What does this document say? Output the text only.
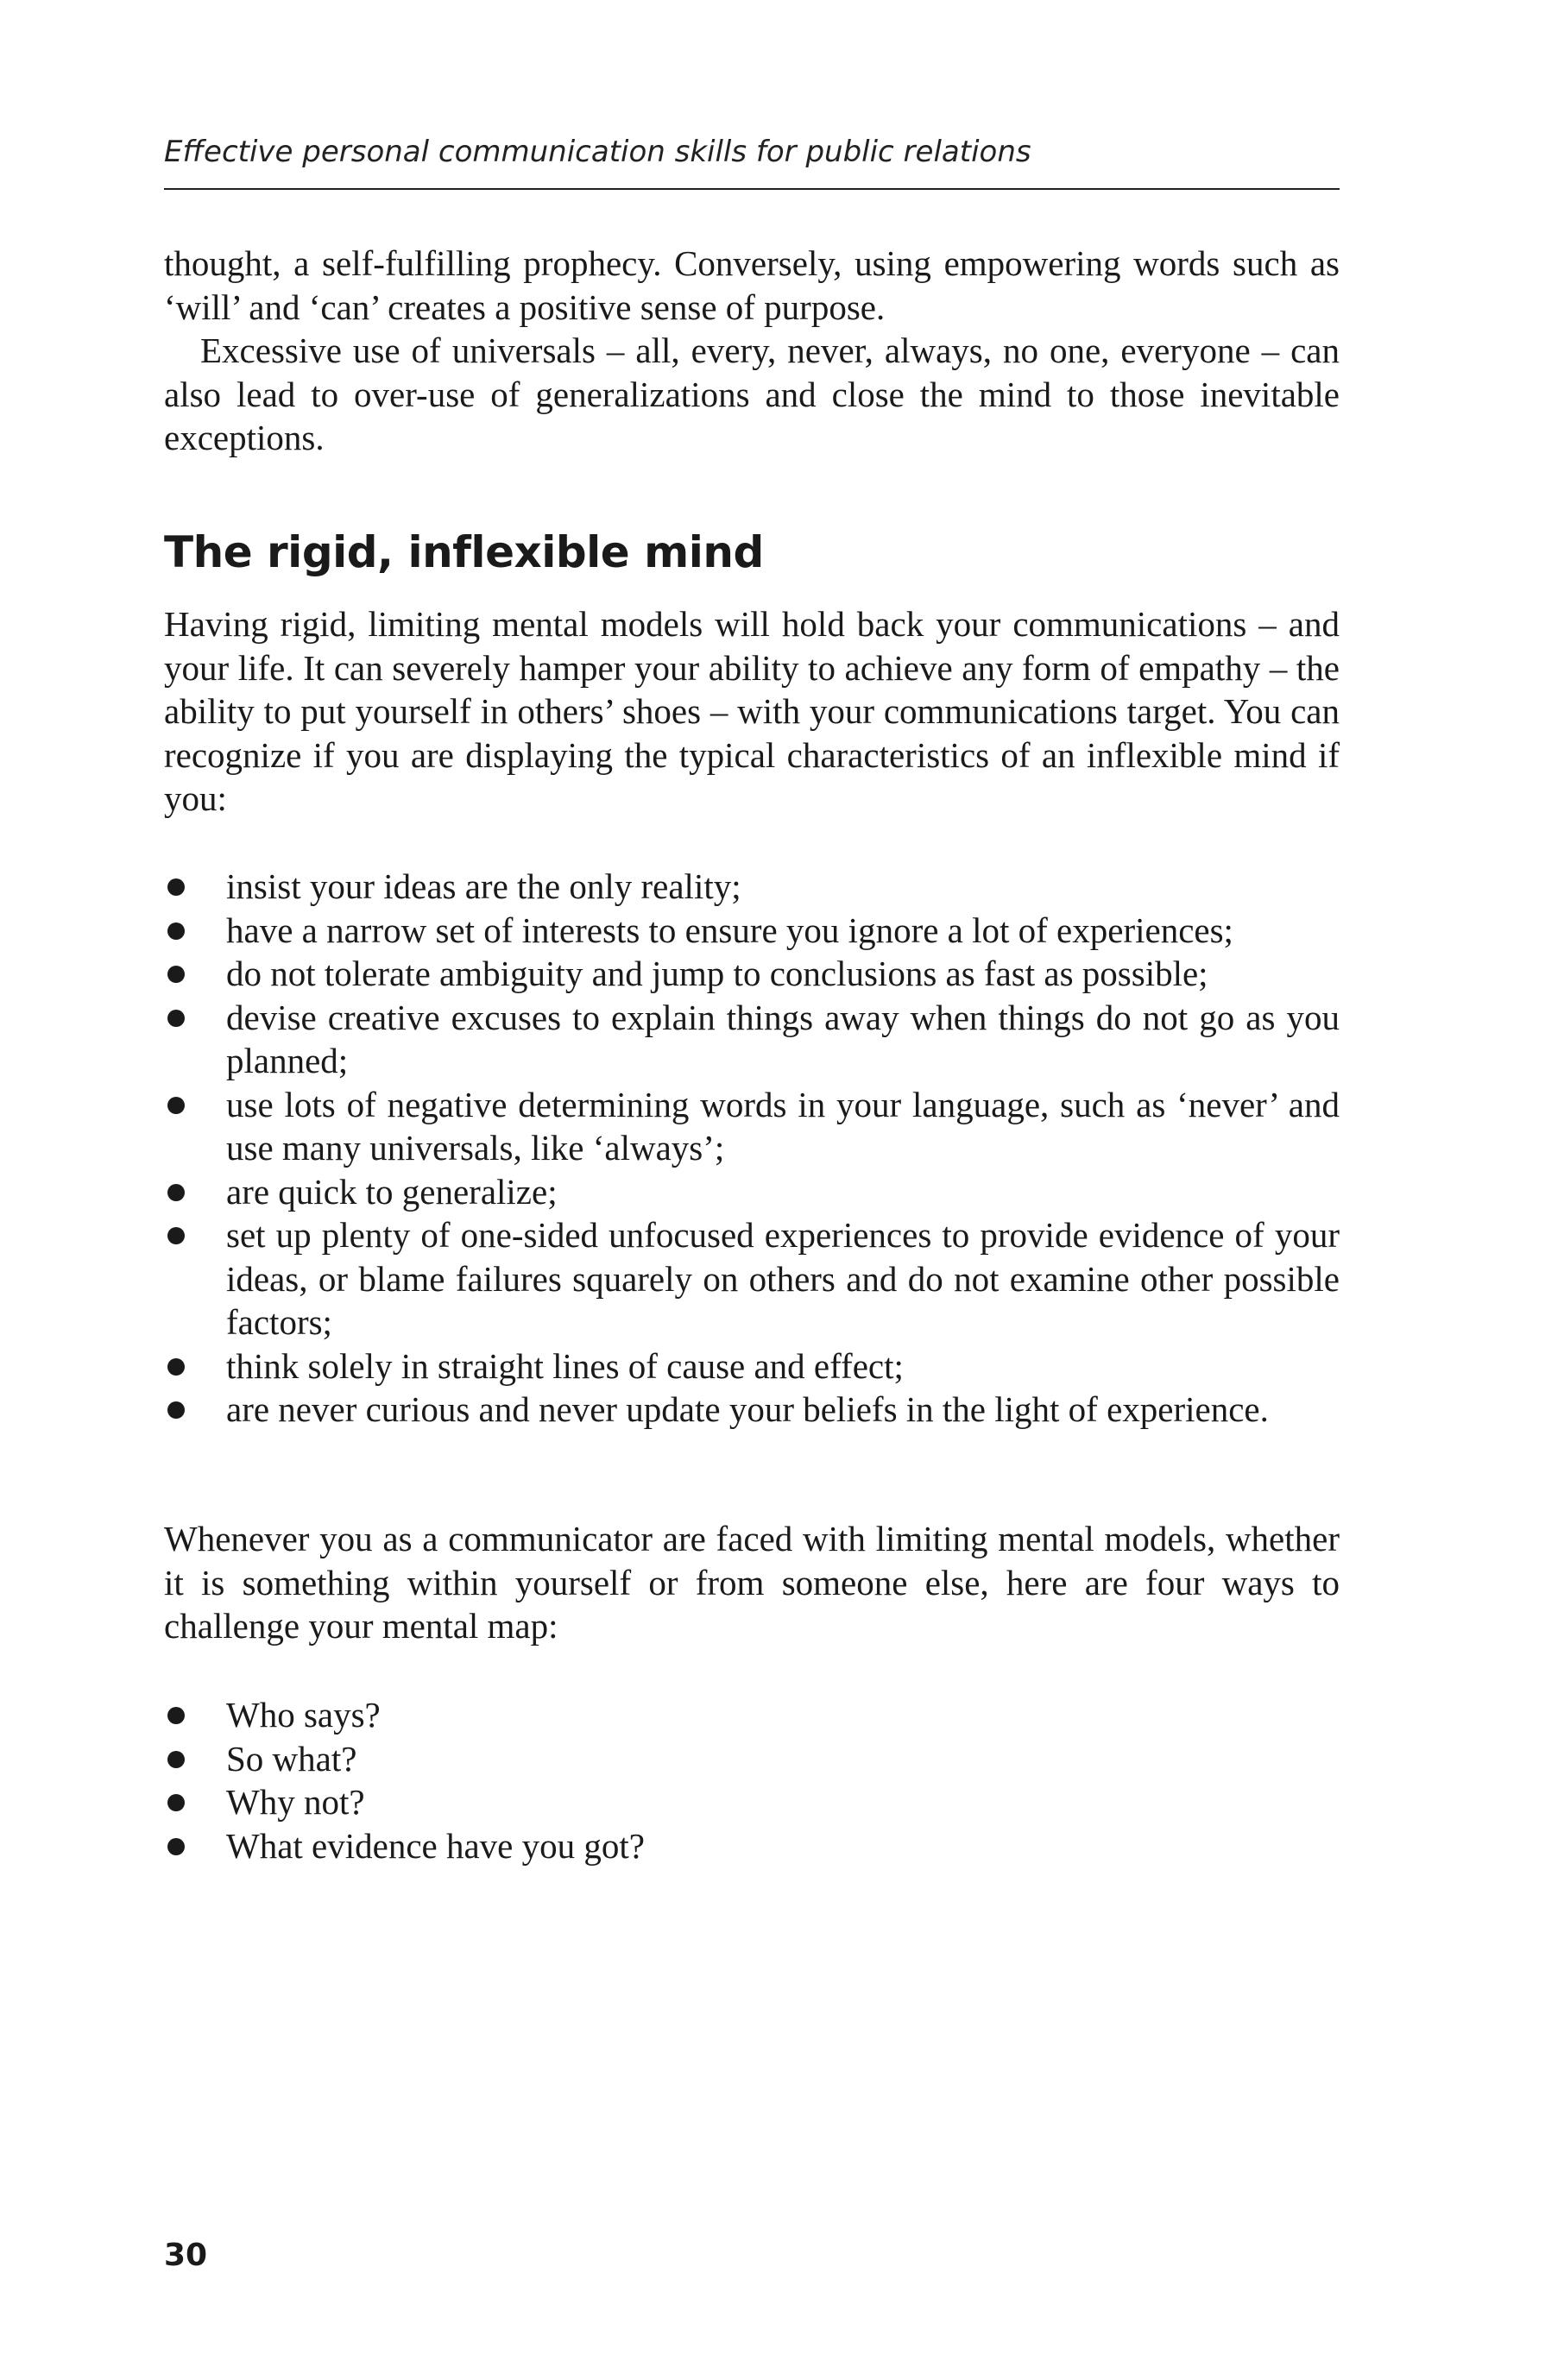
Effective personal communication skills for public relations

thought, a self-fulfilling prophecy. Conversely, using empowering words such as ‘will’ and ‘can’ creates a positive sense of purpose.

Excessive use of universals – all, every, never, always, no one, everyone – can also lead to over-use of generalizations and close the mind to those inevitable exceptions.

The rigid, inflexible mind

Having rigid, limiting mental models will hold back your communications – and your life. It can severely hamper your ability to achieve any form of empathy – the ability to put yourself in others’ shoes – with your communications target. You can recognize if you are displaying the typical characteristics of an inflexible mind if you:

insist your ideas are the only reality;
have a narrow set of interests to ensure you ignore a lot of experiences;
do not tolerate ambiguity and jump to conclusions as fast as possible;
devise creative excuses to explain things away when things do not go as you planned;
use lots of negative determining words in your language, such as ‘never’ and use many universals, like ‘always’;
are quick to generalize;
set up plenty of one-sided unfocused experiences to provide evidence of your ideas, or blame failures squarely on others and do not examine other possible factors;
think solely in straight lines of cause and effect;
are never curious and never update your beliefs in the light of experience.

Whenever you as a communicator are faced with limiting mental models, whether it is something within yourself or from someone else, here are four ways to challenge your mental map:

Who says?
So what?
Why not?
What evidence have you got?
30
